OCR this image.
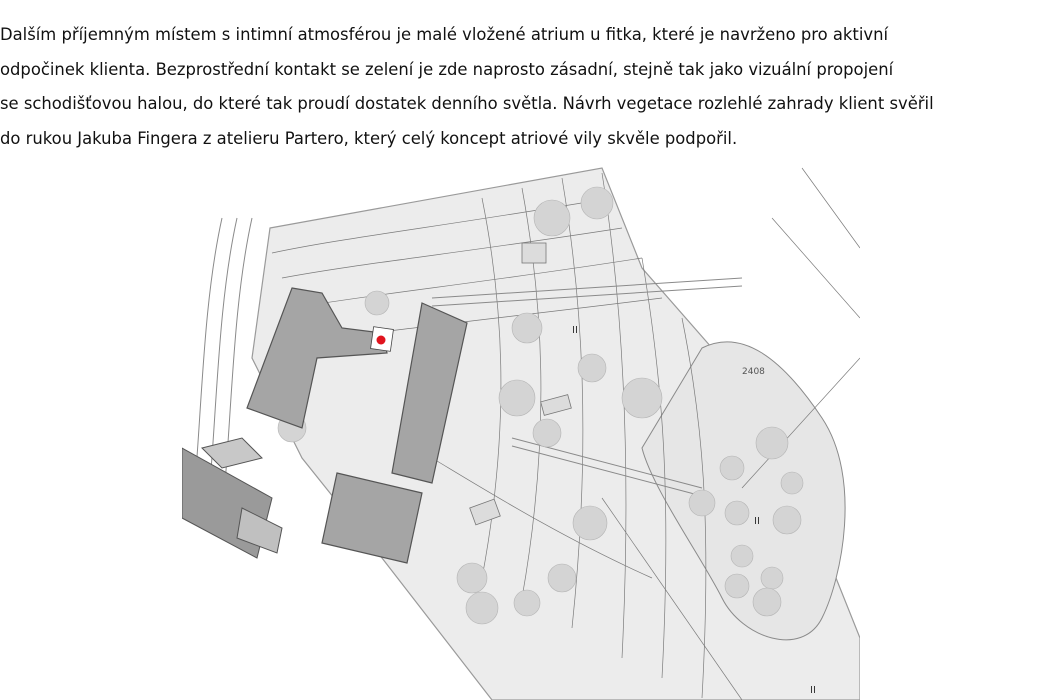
Dalším příjemným místem s intimní atmosférou je malé vložené atrium u fitka, které je navrženo pro aktivní
odpočinek klienta. Bezprostřední kontakt se zelení je zde naprosto zásadní, stejně tak jako vizuální propojení
se schodišťovou halou, do které tak proudí dostatek denního světla. Návrh vegetace rozlehlé zahrady klient svěřil
do rukou Jakuba Fingera z atelieru Partero, který celý koncept atriové vily skvěle podpořil.

II
II
II
2408
